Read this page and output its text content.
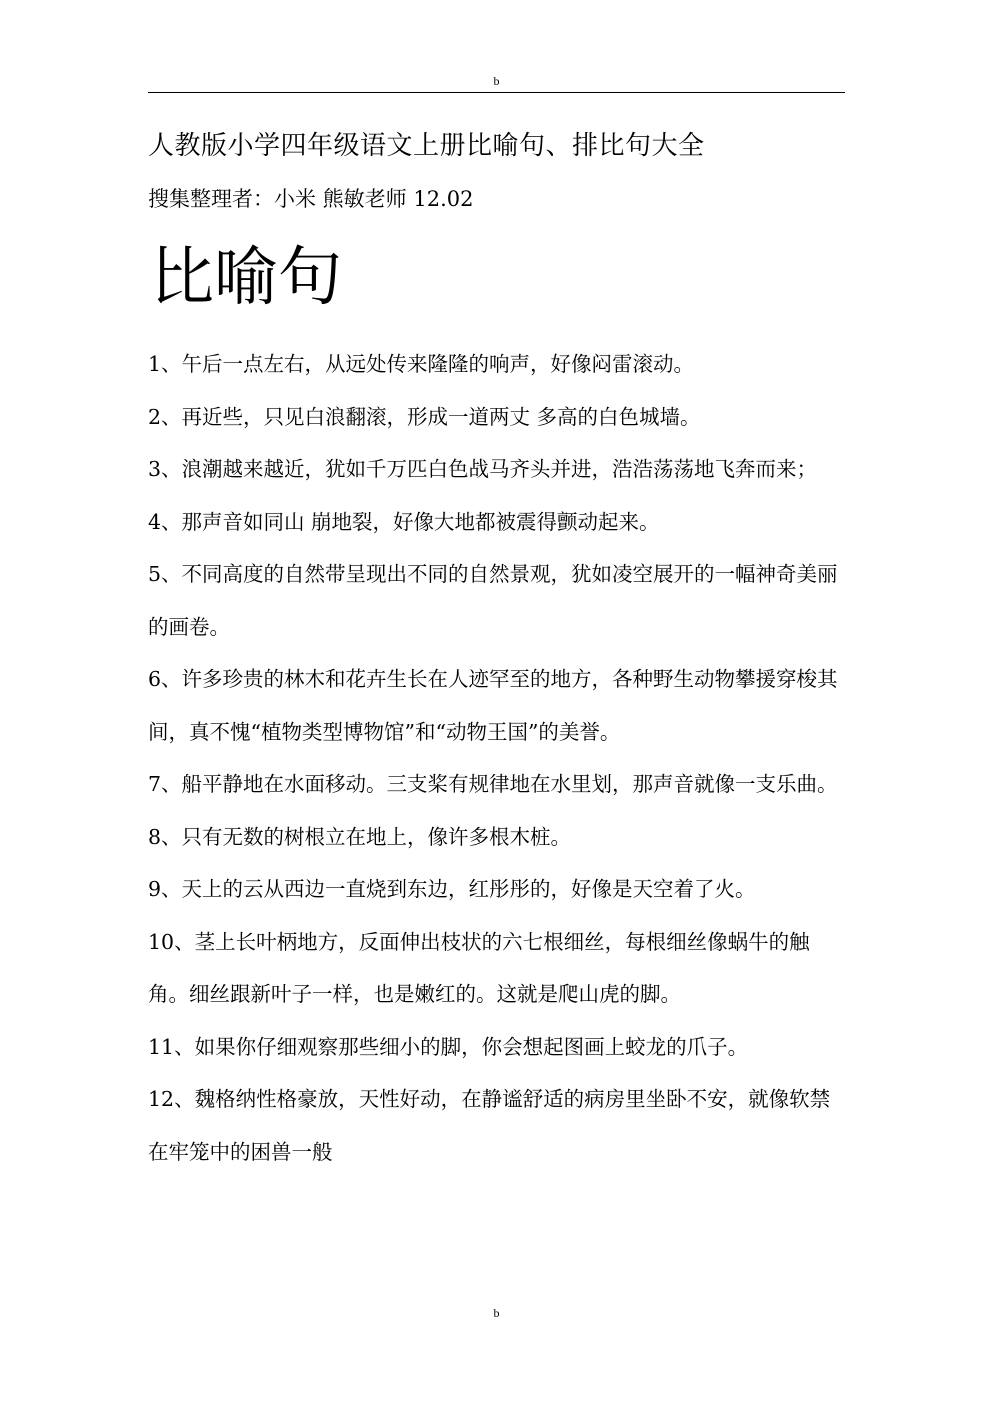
b
人教版小学四年级语文上册比喻句、排比句大全
搜集整理者：小米 熊敏老师 12.02
比喻句
1、午后一点左右，从远处传来隆隆的响声，好像闷雷滚动。
2、再近些，只见白浪翻滚，形成一道两丈 多高的白色城墙。
3、浪潮越来越近，犹如千万匹白色战马齐头并进，浩浩荡荡地飞奔而来；
4、那声音如同山 崩地裂，好像大地都被震得颤动起来。
5、不同高度的自然带呈现出不同的自然景观，犹如凌空展开的一幅神奇美丽的画卷。
6、许多珍贵的林木和花卉生长在人迹罕至的地方，各种野生动物攀援穿梭其间，真不愧“植物类型博物馆”和“动物王国”的美誉。
7、船平静地在水面移动。三支桨有规律地在水里划，那声音就像一支乐曲。
8、只有无数的树根立在地上，像许多根木桩。
9、天上的云从西边一直烧到东边，红彤彤的，好像是天空着了火。
10、茎上长叶柄地方，反面伸出枝状的六七根细丝，每根细丝像蜗牛的触角。细丝跟新叶子一样，也是嫩红的。这就是爬山虎的脚。
11、如果你仔细观察那些细小的脚，你会想起图画上蛟龙的爪子。
12、魏格纳性格豪放，天性好动，在静谧舒适的病房里坐卧不安，就像软禁在牢笼中的困兽一般
b
